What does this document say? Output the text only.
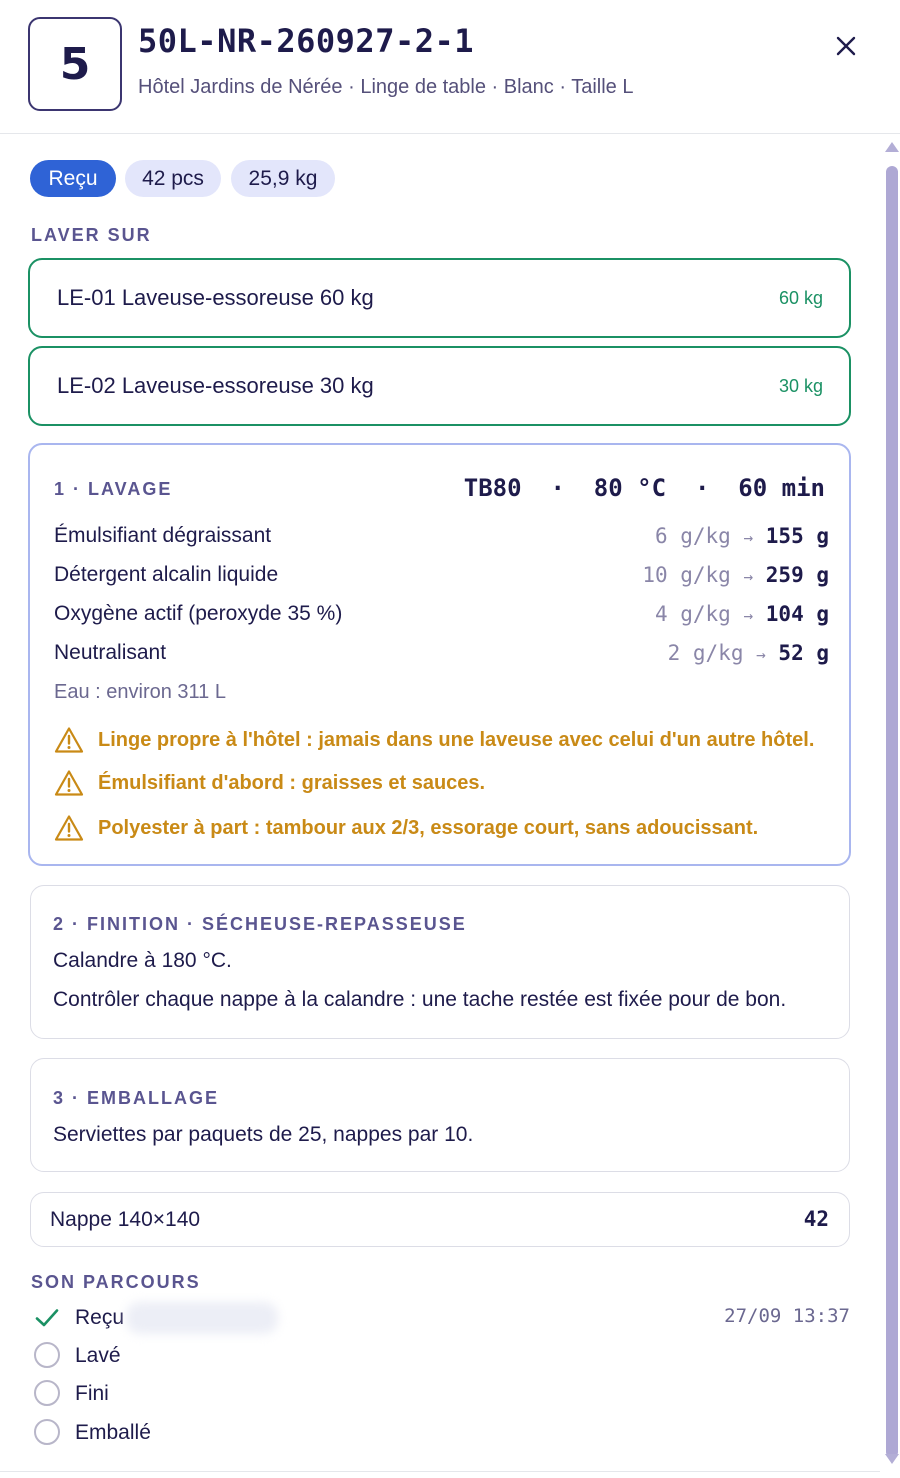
5	50L-NR-260927-2-1
Hôtel Jardins de Nérée · Linge de table · Blanc · Taille L
Reçu	42 pcs	25,9 kg
LAVER SUR
LE-01 Laveuse-essoreuse 60 kg	60 kg
LE-02 Laveuse-essoreuse 30 kg	30 kg
1 · LAVAGE	TB80  ·  80 °C  ·  60 min
Émulsifiant dégraissant	6 g/kg → 155 g
Détergent alcalin liquide	10 g/kg → 259 g
Oxygène actif (peroxyde 35 %)	4 g/kg → 104 g
Neutralisant	2 g/kg → 52 g
Eau : environ 311 L
Linge propre à l'hôtel : jamais dans une laveuse avec celui d'un autre hôtel.
Émulsifiant d'abord : graisses et sauces.
Polyester à part : tambour aux 2/3, essorage court, sans adoucissant.
2 · FINITION · SÉCHEUSE-REPASSEUSE
Calandre à 180 °C.
Contrôler chaque nappe à la calandre : une tache restée est fixée pour de bon.
3 · EMBALLAGE
Serviettes par paquets de 25, nappes par 10.
Nappe 140×140	42
SON PARCOURS
Reçu	27/09 13:37
Lavé
Fini
Emballé
